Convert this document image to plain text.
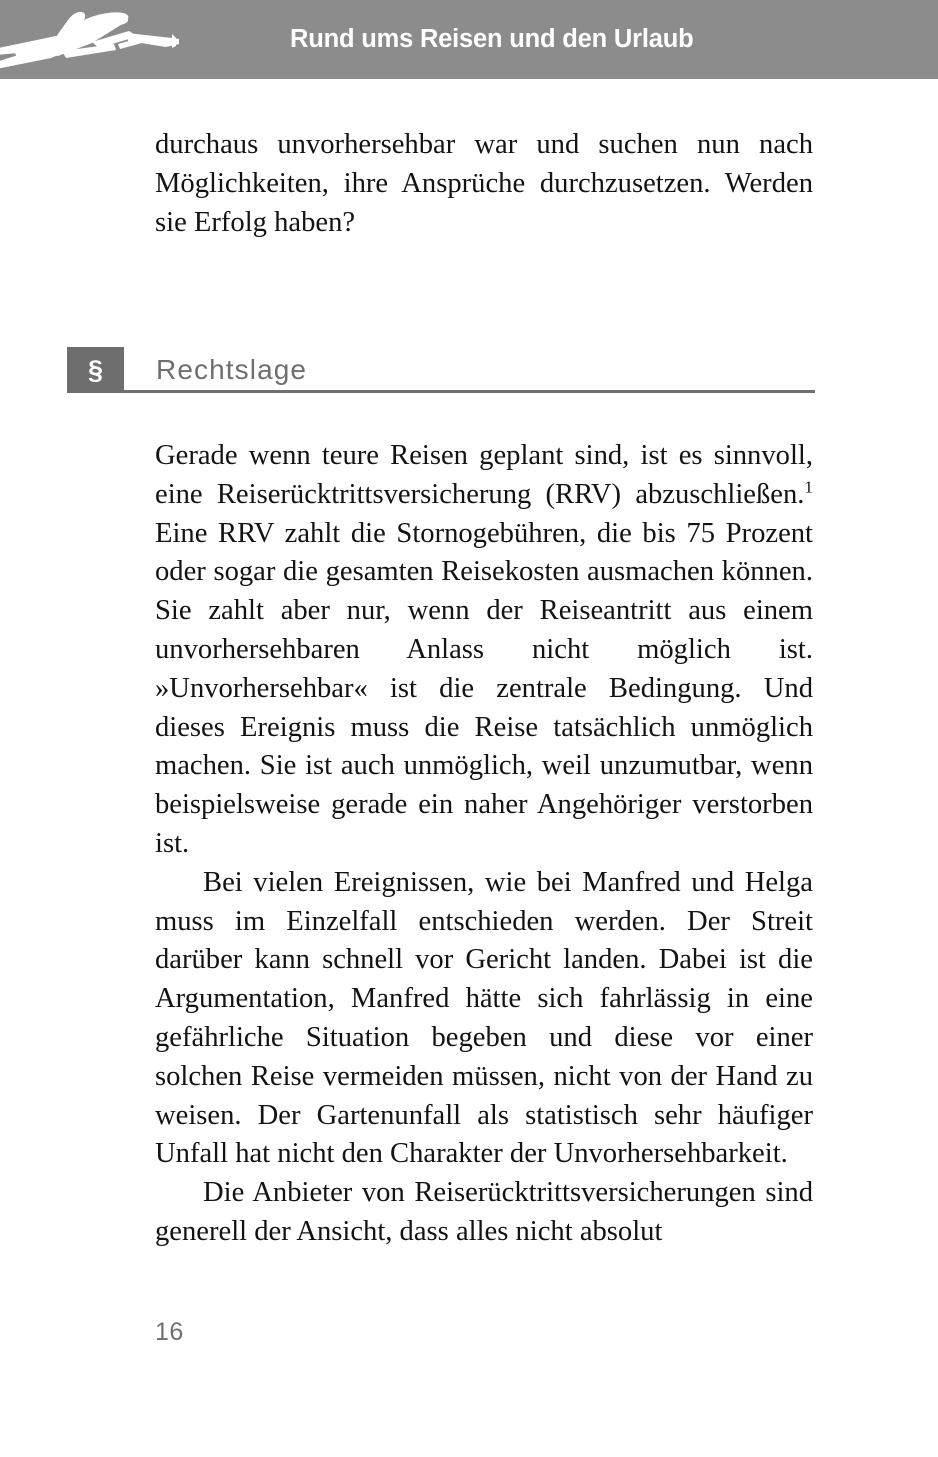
Rund ums Reisen und den Urlaub

durchaus unvorhersehbar war und suchen nun nach Möglichkeiten, ihre Ansprüche durchzusetzen. Werden sie Erfolg haben?

§	Rechtslage

Gerade wenn teure Reisen geplant sind, ist es sinnvoll, eine Reiserücktrittsversicherung (RRV) abzuschließen.$^1$ Eine RRV zahlt die Stornogebühren, die bis 75 Prozent oder sogar die gesamten Reisekosten ausmachen können. Sie zahlt aber nur, wenn der Reiseantritt aus einem unvorhersehbaren Anlass nicht möglich ist. »Unvorhersehbar« ist die zentrale Bedingung. Und dieses Ereignis muss die Reise tatsächlich unmöglich machen. Sie ist auch unmöglich, weil unzumutbar, wenn beispielsweise gerade ein naher Angehöriger verstorben ist.

Bei vielen Ereignissen, wie bei Manfred und Helga muss im Einzelfall entschieden werden. Der Streit darüber kann schnell vor Gericht landen. Dabei ist die Argumentation, Manfred hätte sich fahrlässig in eine gefährliche Situation begeben und diese vor einer solchen Reise vermeiden müssen, nicht von der Hand zu weisen. Der Gartenunfall als statistisch sehr häufiger Unfall hat nicht den Charakter der Unvorhersehbarkeit.

Die Anbieter von Reiserücktrittsversicherungen sind generell der Ansicht, dass alles nicht absolut

16
